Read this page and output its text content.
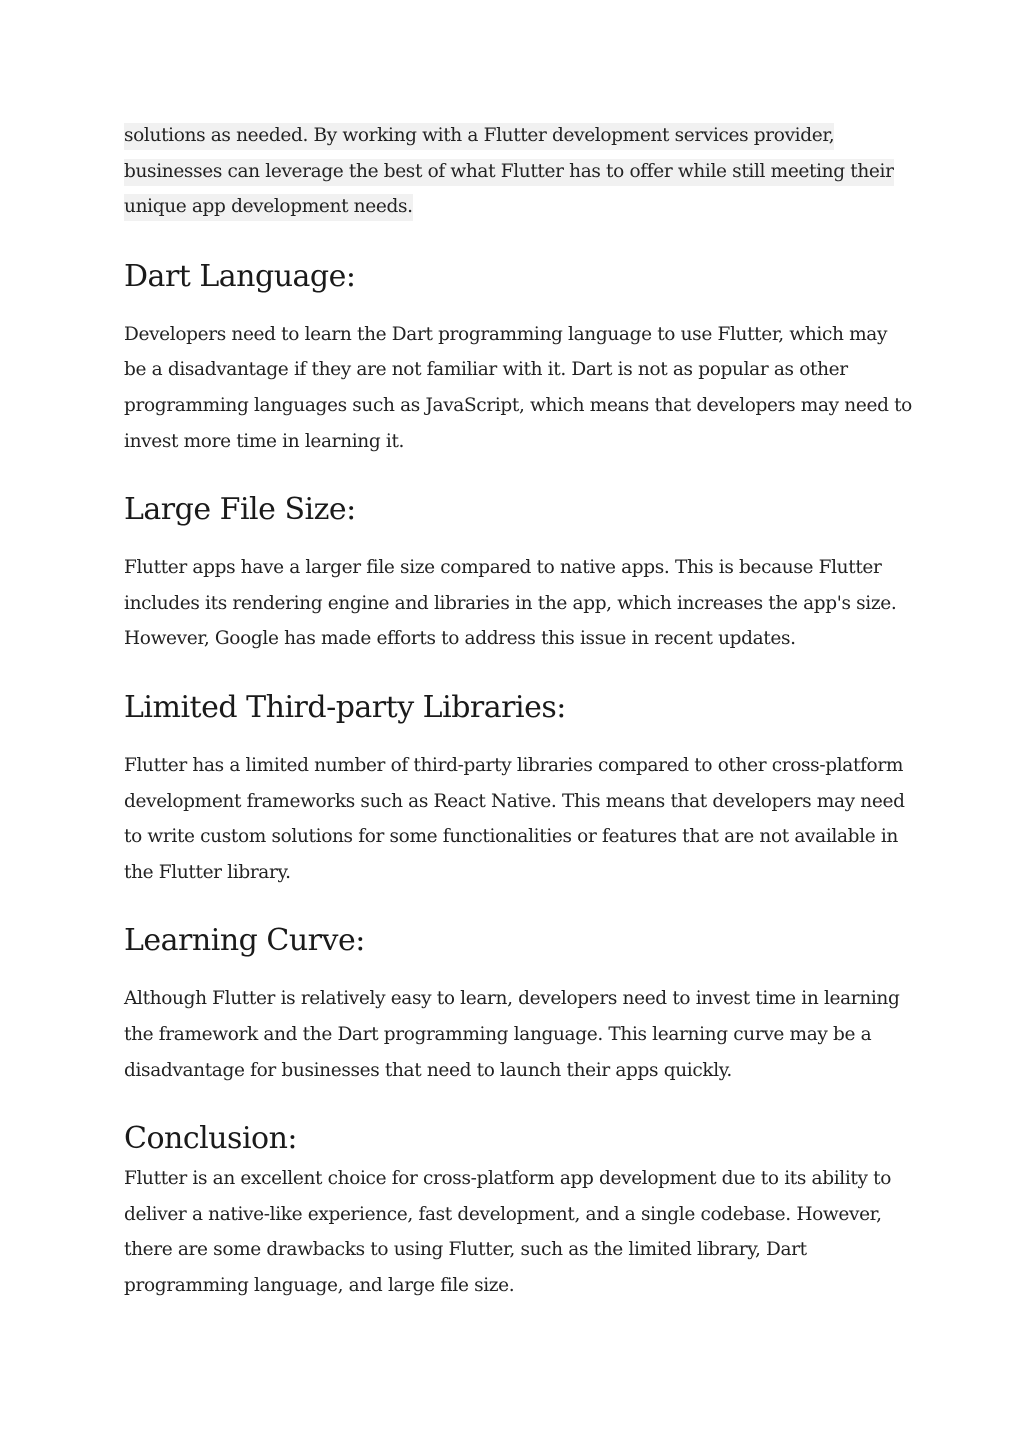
solutions as needed. By working with a Flutter development services provider, businesses can leverage the best of what Flutter has to offer while still meeting their unique app development needs.

Dart Language:

Developers need to learn the Dart programming language to use Flutter, which may be a disadvantage if they are not familiar with it. Dart is not as popular as other programming languages such as JavaScript, which means that developers may need to invest more time in learning it.

Large File Size:

Flutter apps have a larger file size compared to native apps. This is because Flutter includes its rendering engine and libraries in the app, which increases the app's size. However, Google has made efforts to address this issue in recent updates.

Limited Third-party Libraries:

Flutter has a limited number of third-party libraries compared to other cross-platform development frameworks such as React Native. This means that developers may need to write custom solutions for some functionalities or features that are not available in the Flutter library.

Learning Curve:

Although Flutter is relatively easy to learn, developers need to invest time in learning the framework and the Dart programming language. This learning curve may be a disadvantage for businesses that need to launch their apps quickly.

Conclusion:

Flutter is an excellent choice for cross-platform app development due to its ability to deliver a native-like experience, fast development, and a single codebase. However, there are some drawbacks to using Flutter, such as the limited library, Dart programming language, and large file size.
